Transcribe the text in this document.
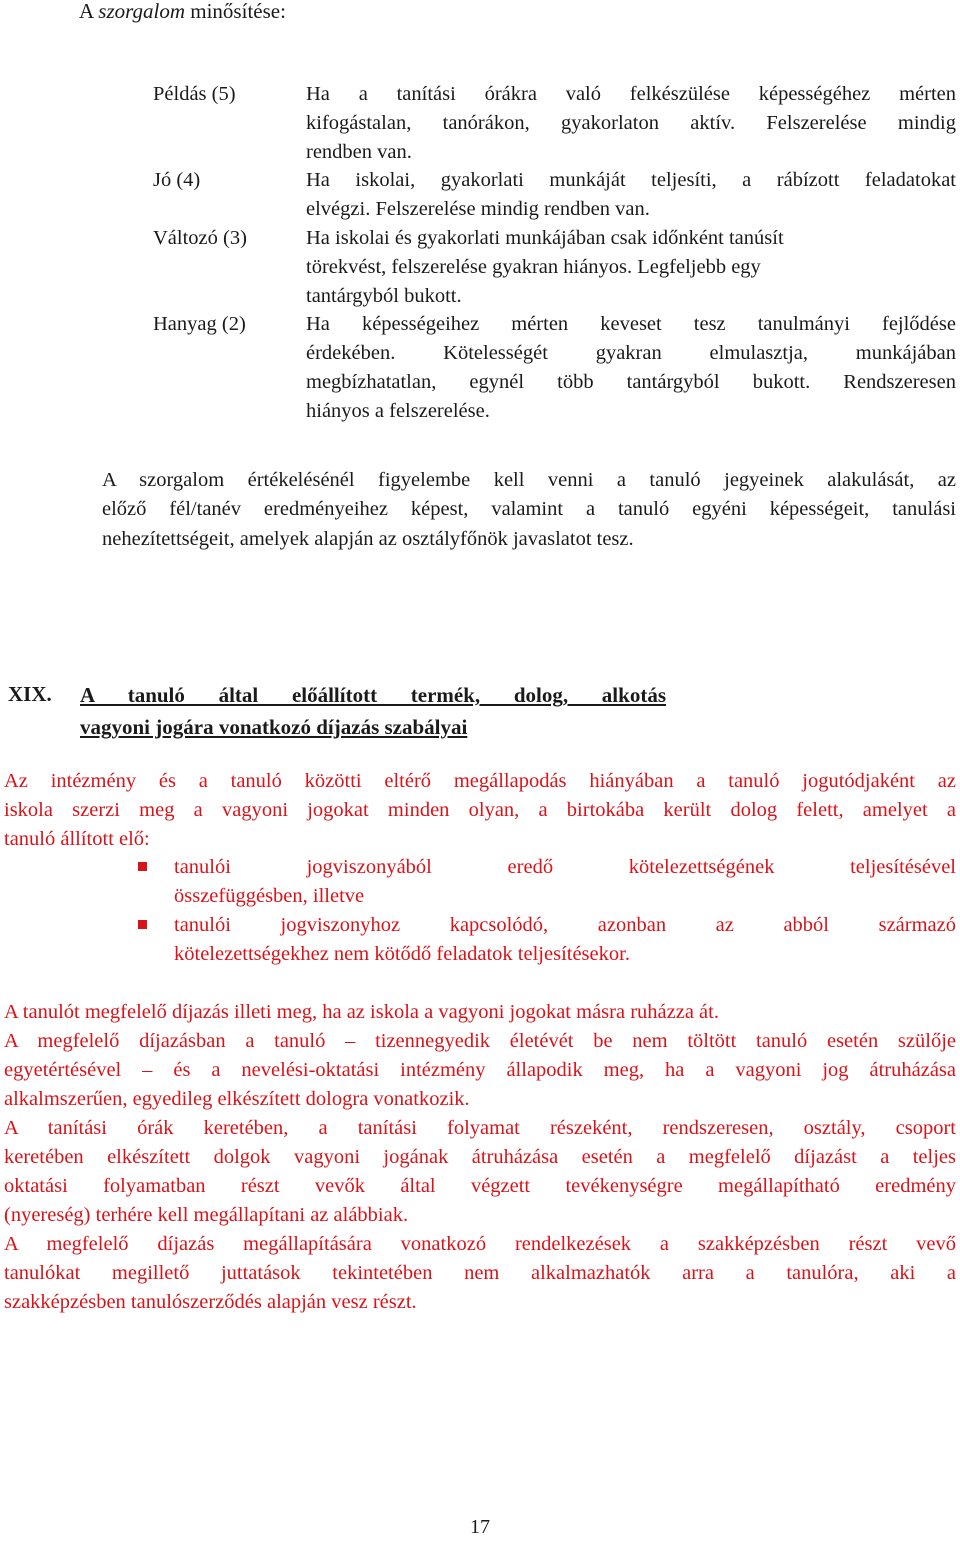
A szorgalom minősítése:
Példás (5)	Ha a tanítási órákra való felkészülése képességéhez mérten
kifogástalan, tanórákon, gyakorlaton aktív. Felszerelése mindig
rendben van.
Jó (4)	Ha iskolai, gyakorlati munkáját teljesíti, a rábízott feladatokat
elvégzi. Felszerelése mindig rendben van.
Változó (3)	Ha iskolai és gyakorlati munkájában csak időnként tanúsít
törekvést, felszerelése gyakran hiányos. Legfeljebb egy
tantárgyból bukott.
Hanyag (2)	Ha képességeihez mérten keveset tesz tanulmányi fejlődése
érdekében. Kötelességét gyakran elmulasztja, munkájában
megbízhatatlan, egynél több tantárgyból bukott. Rendszeresen
hiányos a felszerelése.
A szorgalom értékelésénél figyelembe kell venni a tanuló jegyeinek alakulását, az
előző fél/tanév eredményeihez képest, valamint a tanuló egyéni képességeit, tanulási
nehezítettségeit, amelyek alapján az osztályfőnök javaslatot tesz.
XIX. A tanuló által előállított termék, dolog, alkotás
vagyoni jogára vonatkozó díjazás szabályai
Az intézmény és a tanuló közötti eltérő megállapodás hiányában a tanuló jogutódjaként az
iskola szerzi meg a vagyoni jogokat minden olyan, a birtokába került dolog felett, amelyet a
tanuló állított elő:
tanulói jogviszonyából eredő kötelezettségének teljesítésével
összefüggésben, illetve
tanulói jogviszonyhoz kapcsolódó, azonban az abból származó
kötelezettségekhez nem kötődő feladatok teljesítésekor.
A tanulót megfelelő díjazás illeti meg, ha az iskola a vagyoni jogokat másra ruházza át.
A megfelelő díjazásban a tanuló – tizennegyedik életévét be nem töltött tanuló esetén szülője
egyetértésével – és a nevelési-oktatási intézmény állapodik meg, ha a vagyoni jog átruházása
alkalmszerűen, egyedileg elkészített dologra vonatkozik.
A tanítási órák keretében, a tanítási folyamat részeként, rendszeresen, osztály, csoport
keretében elkészített dolgok vagyoni jogának átruházása esetén a megfelelő díjazást a teljes
oktatási folyamatban részt vevők által végzett tevékenységre megállapítható eredmény
(nyereség) terhére kell megállapítani az alábbiak.
A megfelelő díjazás megállapítására vonatkozó rendelkezések a szakképzésben részt vevő
tanulókat megillető juttatások tekintetében nem alkalmazhatók arra a tanulóra, aki a
szakképzésben tanulószerződés alapján vesz részt.
17
